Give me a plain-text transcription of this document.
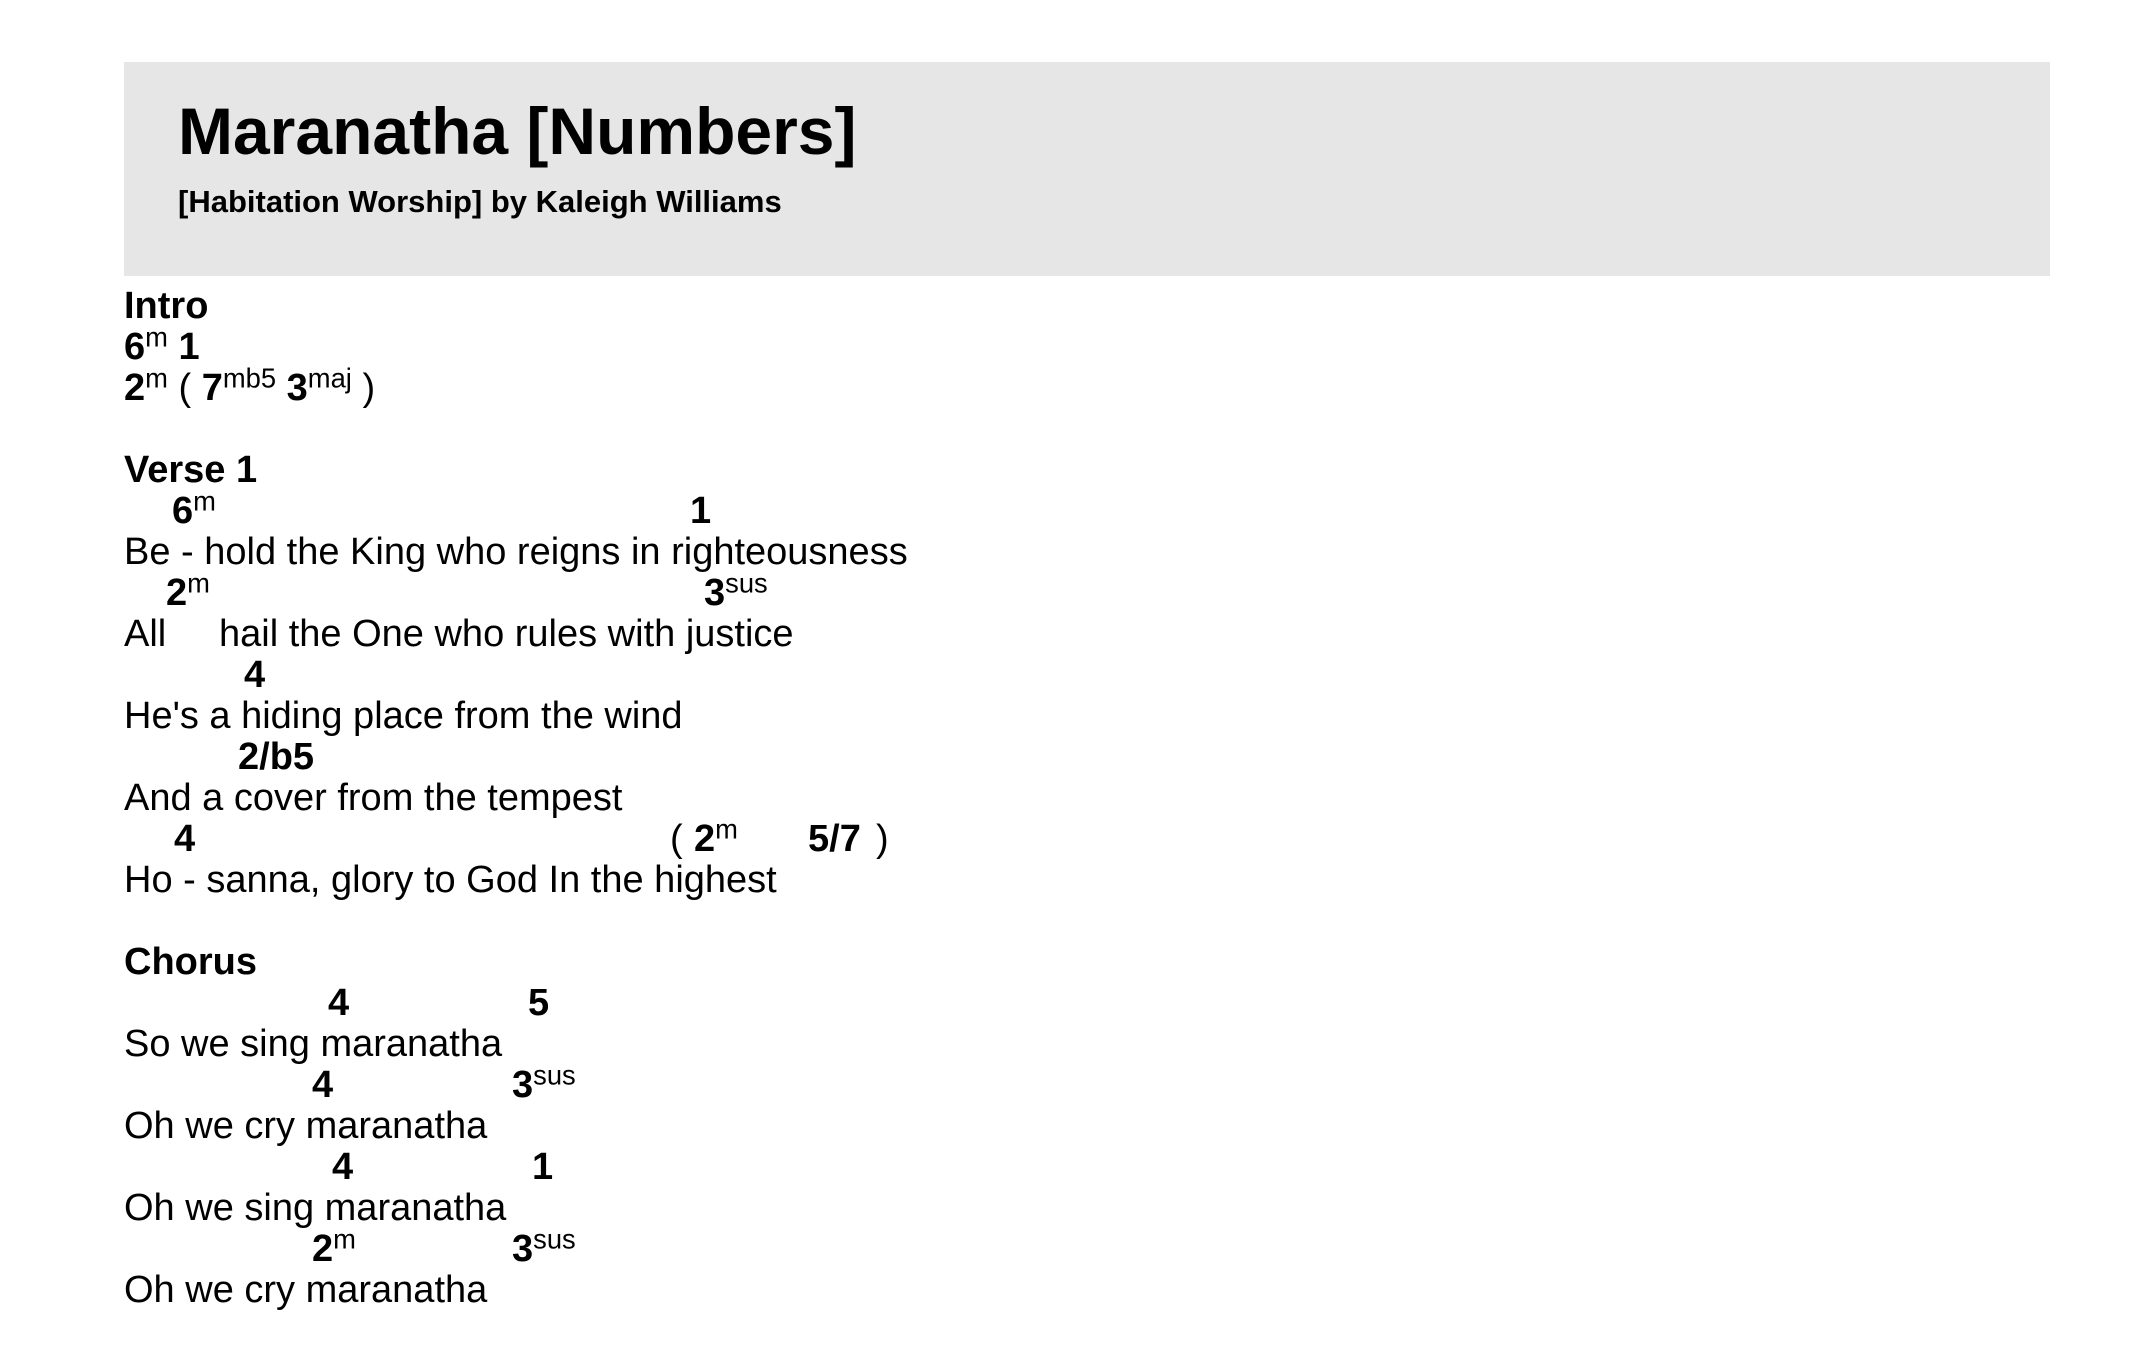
Maranatha [Numbers]

[Habitation Worship] by Kaleigh Williams

Intro
6$^m$ 1
2$^m$ ( $7^{mb5}$ $3^{maj}$ )
Verse 1
6$^m$	1
Be - hold the King who reigns in righteousness
2$^m$	$3^{sus}$
All     hail the One who rules with justice
4
He's a hiding place from the wind
2/b5
And a cover from the tempest
4	( 2$^m$ 5/7 )
Ho - sanna, glory to God In the highest
Chorus
4	5
So we sing maranatha
4	$3^{sus}$
Oh we cry maranatha
4	1
Oh we sing maranatha
2$^m$	$3^{sus}$
Oh we cry maranatha
